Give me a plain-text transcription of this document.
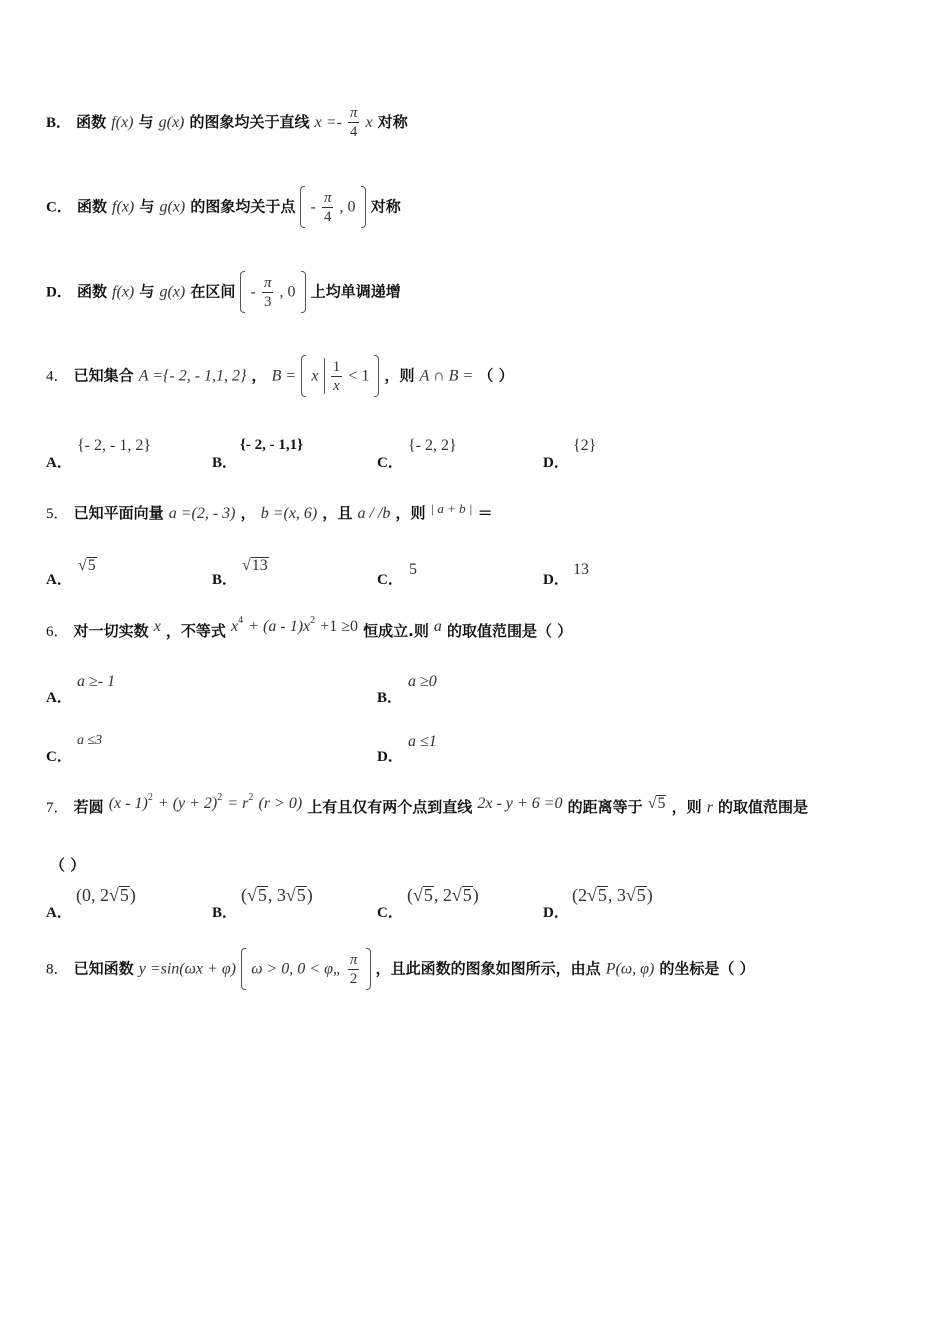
B． 函数 f(x) 与 g(x) 的图象均关于直线 $x =- \frac{\pi}{4}$ x 对称
C． 函数 f(x) 与 g(x) 的图象均关于点 - $\frac{\pi}{4}$ , 0 对称
D． 函数 f(x) 与 g(x) 在区间 - $\frac{\pi}{3}$ , 0 上均单调递增
4． 已知集合 A ={- 2, - 1,1, 2} ， B = x $\frac{1}{x} < 1$ ，则 A ∩ B = （ ）
A．
{- 2, - 1, 2}
B．
{- 2, - 1,1}
C．
{- 2, 2}
D．
{2}
5． 已知平面向量 a =(2, - 3) ， b =(x, 6) ，且 a / /b ，则 $^{| a + b |}$ ＝
A．
√5
B．
√13
C．
5
D．
13
6． 对一切实数 x ，不等式 $x^4 + (a - 1)x^2 +1 \ge 0$ 恒成立.则 a 的取值范围是（ ）
A．
a ≥- 1
B．
a ≥0
C．
a ≤3
D．
a ≤1
7． 若圆 $(x - 1)^2 + (y + 2)^2 = r^2$ (r > 0) 上有且仅有两个点到直线 2x - y + 6 =0 的距离等于 √5 ，则 r 的取值范围是
（ ）
A．
(0, 2√5)
B．
(√5, 3√5)
C．
(√5, 2√5)
D．
(2√5, 3√5)
8． 已知函数 y =sin(ωx + φ) ω > 0, 0 < φ„ $\frac{\pi}{2}$ ，且此函数的图象如图所示，由点 P(ω, φ) 的坐标是（ ）
